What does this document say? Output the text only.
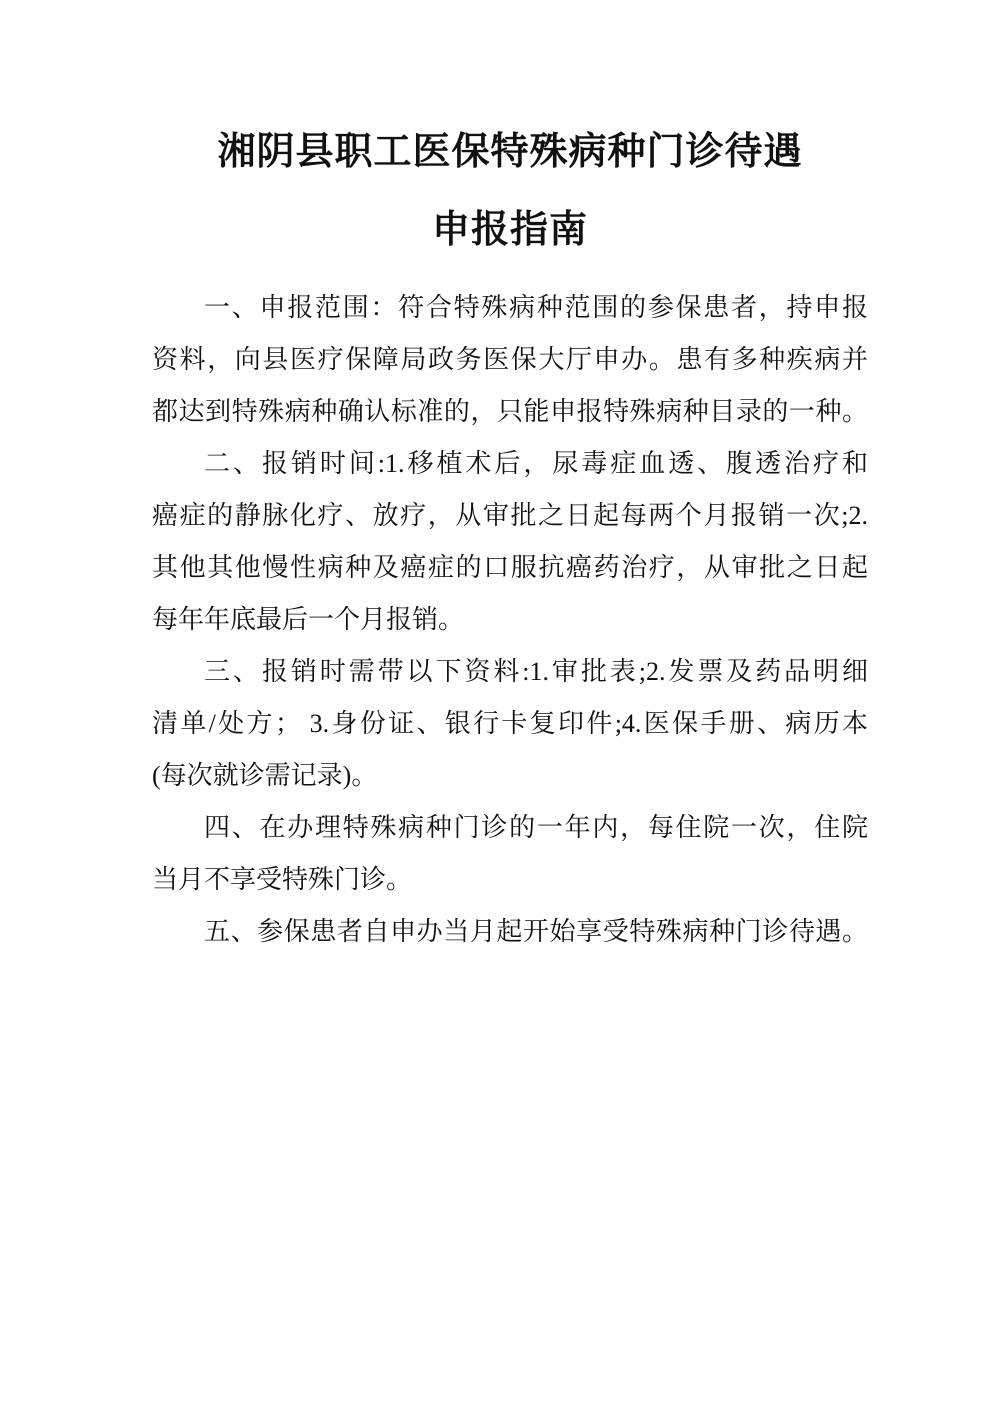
湘阴县职工医保特殊病种门诊待遇
申报指南

一、申报范围：符合特殊病种范围的参保患者，持申报
资料，向县医疗保障局政务医保大厅申办。患有多种疾病并
都达到特殊病种确认标准的，只能申报特殊病种目录的一种。

二、报销时间:1.移植术后，尿毒症血透、腹透治疗和
癌症的静脉化疗、放疗，从审批之日起每两个月报销一次;2.
其他其他慢性病种及癌症的口服抗癌药治疗，从审批之日起
每年年底最后一个月报销。

三、报销时需带以下资料:1.审批表;2.发票及药品明细
清单/处方； 3.身份证、银行卡复印件;4.医保手册、病历本
(每次就诊需记录)。

四、在办理特殊病种门诊的一年内，每住院一次，住院
当月不享受特殊门诊。

五、参保患者自申办当月起开始享受特殊病种门诊待遇。
